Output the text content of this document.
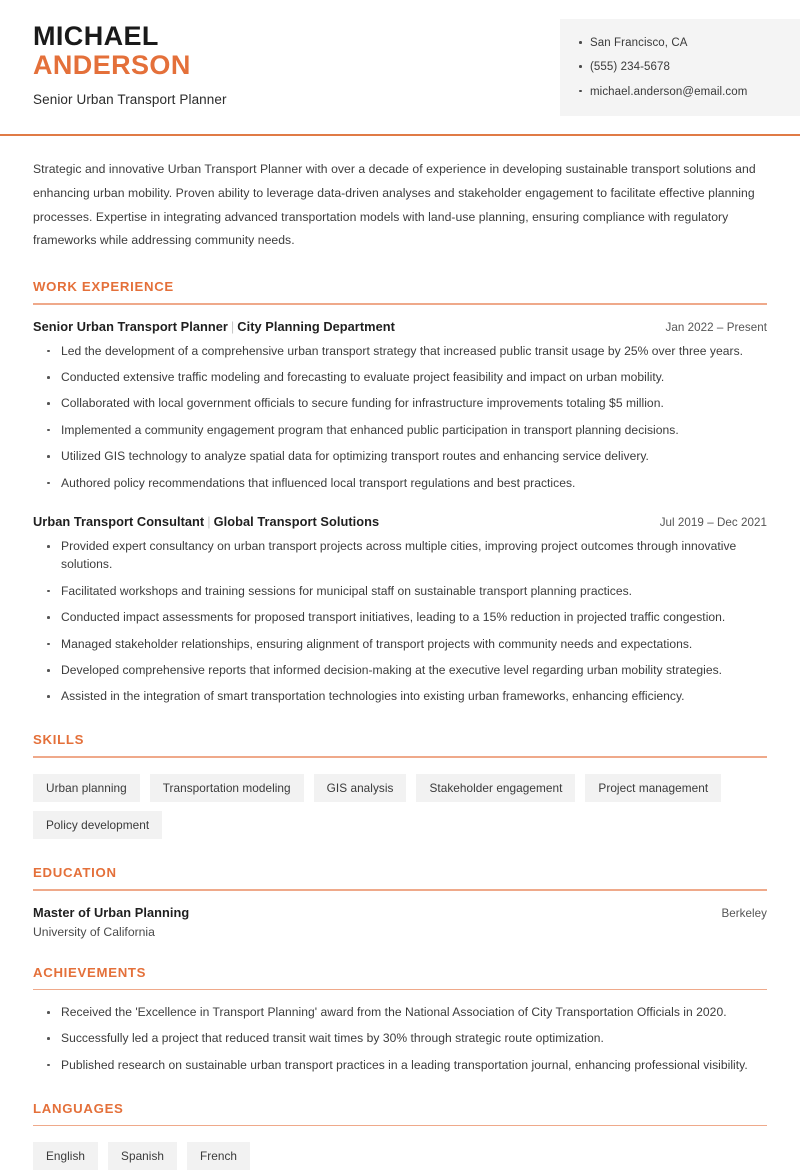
MICHAEL
ANDERSON
Senior Urban Transport Planner
San Francisco, CA
(555) 234-5678
michael.anderson@email.com

Strategic and innovative Urban Transport Planner with over a decade of experience in developing sustainable transport solutions and enhancing urban mobility. Proven ability to leverage data-driven analyses and stakeholder engagement to facilitate effective planning processes. Expertise in integrating advanced transportation models with land-use planning, ensuring compliance with regulatory frameworks while addressing community needs.

WORK EXPERIENCE
Senior Urban Transport Planner | City Planning Department	Jan 2022 – Present
Led the development of a comprehensive urban transport strategy that increased public transit usage by 25% over three years.
Conducted extensive traffic modeling and forecasting to evaluate project feasibility and impact on urban mobility.
Collaborated with local government officials to secure funding for infrastructure improvements totaling $5 million.
Implemented a community engagement program that enhanced public participation in transport planning decisions.
Utilized GIS technology to analyze spatial data for optimizing transport routes and enhancing service delivery.
Authored policy recommendations that influenced local transport regulations and best practices.
Urban Transport Consultant | Global Transport Solutions	Jul 2019 – Dec 2021
Provided expert consultancy on urban transport projects across multiple cities, improving project outcomes through innovative solutions.
Facilitated workshops and training sessions for municipal staff on sustainable transport planning practices.
Conducted impact assessments for proposed transport initiatives, leading to a 15% reduction in projected traffic congestion.
Managed stakeholder relationships, ensuring alignment of transport projects with community needs and expectations.
Developed comprehensive reports that informed decision-making at the executive level regarding urban mobility strategies.
Assisted in the integration of smart transportation technologies into existing urban frameworks, enhancing efficiency.
SKILLS
Urban planning	Transportation modeling	GIS analysis	Stakeholder engagement	Project management
Policy development
EDUCATION
Master of Urban Planning	Berkeley
University of California
ACHIEVEMENTS
Received the 'Excellence in Transport Planning' award from the National Association of City Transportation Officials in 2020.
Successfully led a project that reduced transit wait times by 30% through strategic route optimization.
Published research on sustainable urban transport practices in a leading transportation journal, enhancing professional visibility.
LANGUAGES
English	Spanish	French
